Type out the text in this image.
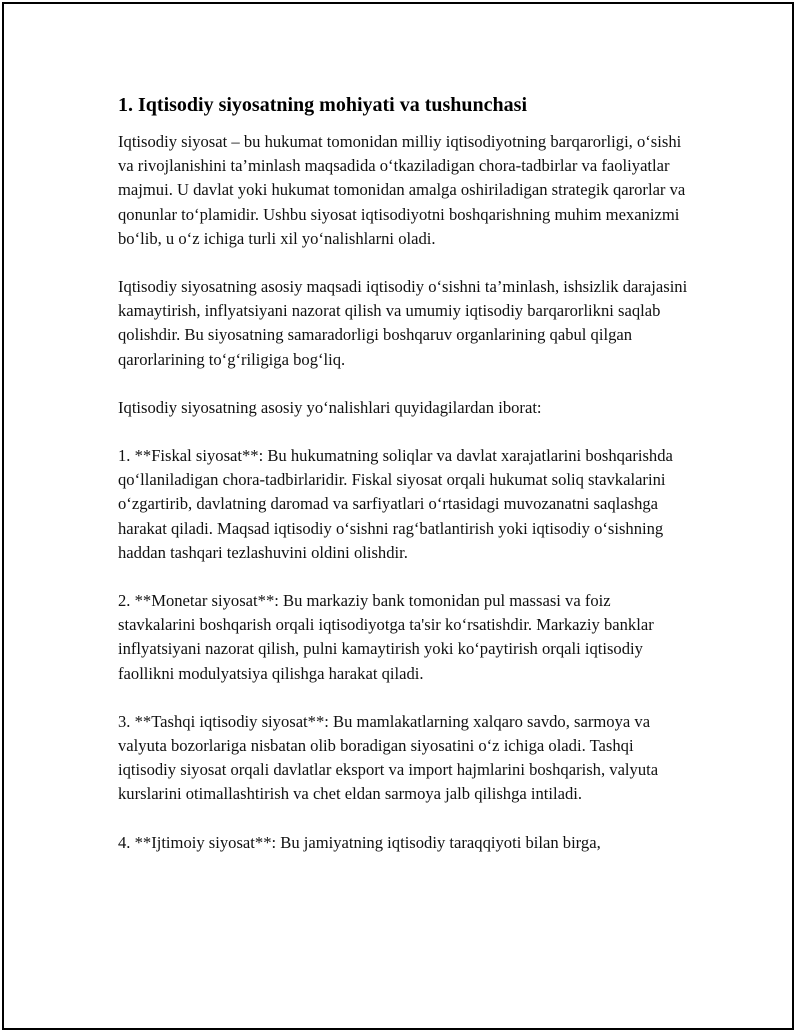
1. Iqtisodiy siyosatning mohiyati va tushunchasi

Iqtisodiy siyosat – bu hukumat tomonidan milliy iqtisodiyotning barqarorligi, o‘sishi va rivojlanishini ta’minlash maqsadida o‘tkaziladigan chora-tadbirlar va faoliyatlar majmui. U davlat yoki hukumat tomonidan amalga oshiriladigan strategik qarorlar va qonunlar to‘plamidir. Ushbu siyosat iqtisodiyotni boshqarishning muhim mexanizmi bo‘lib, u o‘z ichiga turli xil yo‘nalishlarni oladi.

Iqtisodiy siyosatning asosiy maqsadi iqtisodiy o‘sishni ta’minlash, ishsizlik darajasini kamaytirish, inflyatsiyani nazorat qilish va umumiy iqtisodiy barqarorlikni saqlab qolishdir. Bu siyosatning samaradorligi boshqaruv organlarining qabul qilgan qarorlarining to‘g‘riligiga bog‘liq.

Iqtisodiy siyosatning asosiy yo‘nalishlari quyidagilardan iborat:

1. **Fiskal siyosat**: Bu hukumatning soliqlar va davlat xarajatlarini boshqarishda qo‘llaniladigan chora-tadbirlaridir. Fiskal siyosat orqali hukumat soliq stavkalarini o‘zgartirib, davlatning daromad va sarfiyatlari o‘rtasidagi muvozanatni saqlashga harakat qiladi. Maqsad iqtisodiy o‘sishni rag‘batlantirish yoki iqtisodiy o‘sishning haddan tashqari tezlashuvini oldini olishdir.

2. **Monetar siyosat**: Bu markaziy bank tomonidan pul massasi va foiz stavkalarini boshqarish orqali iqtisodiyotga ta'sir ko‘rsatishdir. Markaziy banklar inflyatsiyani nazorat qilish, pulni kamaytirish yoki ko‘paytirish orqali iqtisodiy faollikni modulyatsiya qilishga harakat qiladi.

3. **Tashqi iqtisodiy siyosat**: Bu mamlakatlarning xalqaro savdo, sarmoya va valyuta bozorlariga nisbatan olib boradigan siyosatini o‘z ichiga oladi. Tashqi iqtisodiy siyosat orqali davlatlar eksport va import hajmlarini boshqarish, valyuta kurslarini otimallashtirish va chet eldan sarmoya jalb qilishga intiladi.

4. **Ijtimoiy siyosat**: Bu jamiyatning iqtisodiy taraqqiyoti bilan birga,
